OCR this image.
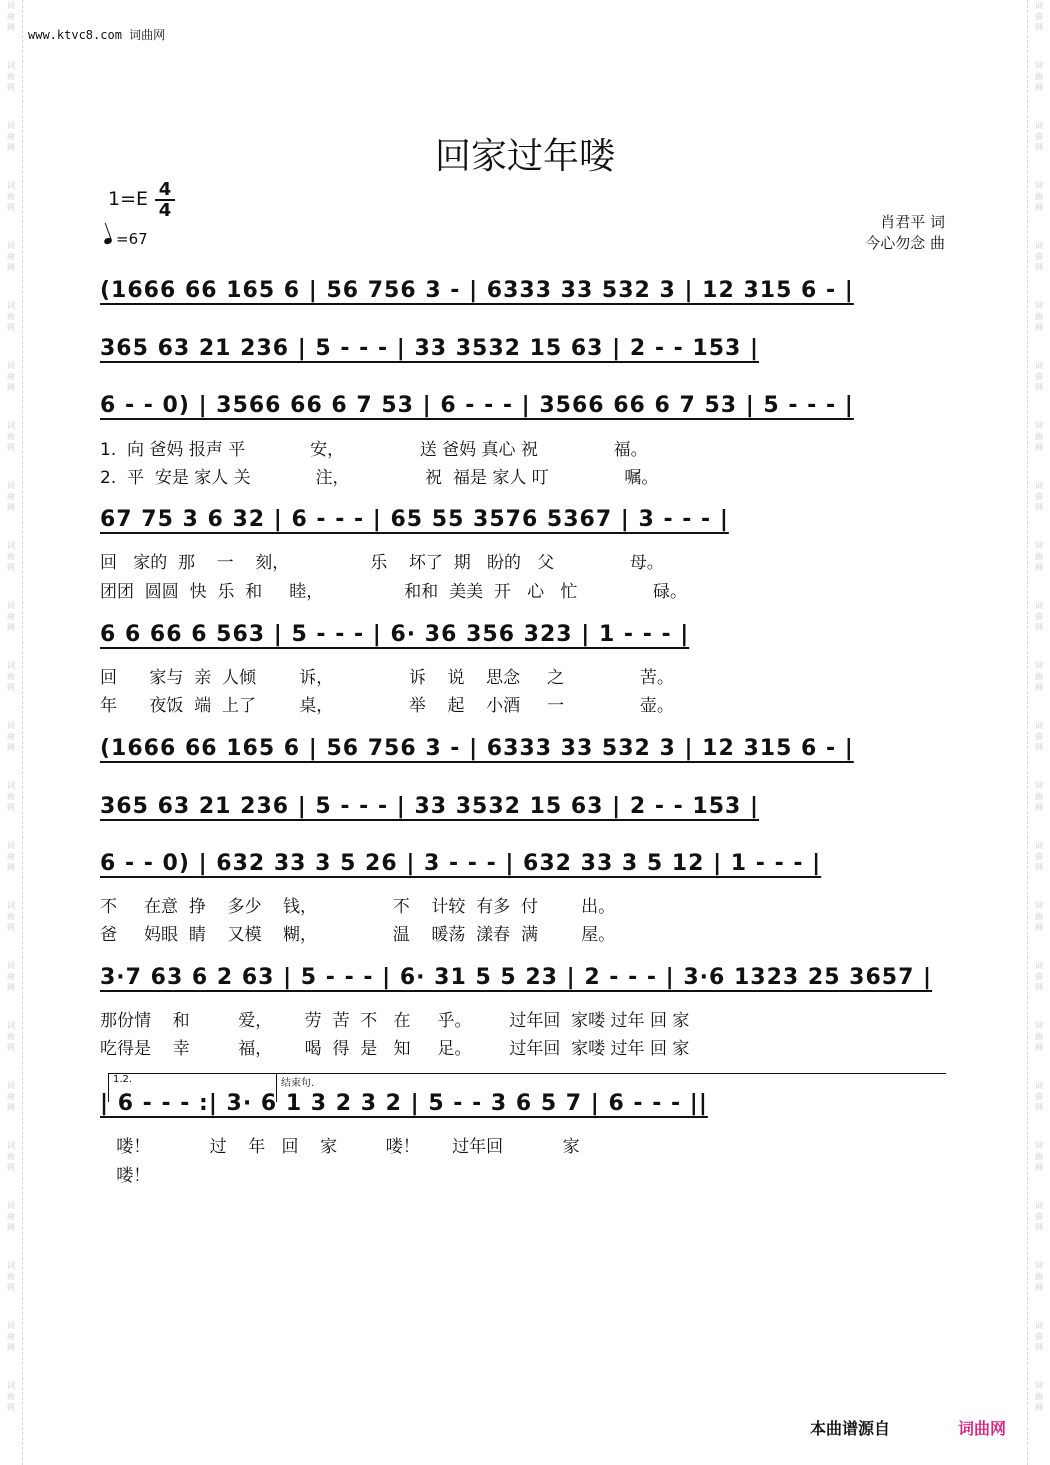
词
曲
网
词
曲
网
词
曲
网
词
曲
网
词
曲
网
词
曲
网
词
曲
网
词
曲
网
词
曲
网
词
曲
网
词
曲
网
词
曲
网
词
曲
网
词
曲
网
词
曲
网
词
曲
网
词
曲
网
词
曲
网
词
曲
网
词
曲
网
词
曲
网
词
曲
网
词
曲
网
词
曲
网
词
曲
网
词
曲
网
词
曲
网
词
曲
网
词
曲
网
词
曲
网
词
曲
网
词
曲
网
词
曲
网
词
曲
网
词
曲
网
词
曲
网
词
曲
网
词
曲
网
词
曲
网
词
曲
网
词
曲
网
词
曲
网
词
曲
网
词
曲
网
词
曲
网
词
曲
网
词
曲
网
词
曲
网
www.ktvc8.com 词曲网
回家过年喽
1=E 4
4
=67
肖君平 词
今心勿念 曲
(1666 66 165 6 | 56 756 3 - | 6333 33 532 3 | 12 315 6 - |
365 63 21 236 | 5 - - - | 33 3532 15 63 | 2 - - 153 |
6 - - 0) | 3566 66 6 7 53 | 6 - - - | 3566 66 6 7 53 | 5 - - - |
1.  向 爸妈 报声 平            安，              送 爸妈 真心 祝              福。
2.  平  安是 家人 关            注，              祝  福是 家人 叮              嘱。
67 75 3 6 32 | 6 - - - | 65 55 3576 5367 | 3 - - - |
回   家的  那    一    刻，               乐    坏了  期   盼的   父              母。
团团  圆圆  快  乐  和     睦，               和和  美美  开   心   忙              碌。
6 6 66 6 563 | 5 - - - | 6· 36 356 323 | 1 - - - |
回      家与  亲  人倾        诉，              诉    说    思念     之              苦。
年      夜饭  端  上了        桌，              举    起    小酒     一              壶。
(1666 66 165 6 | 56 756 3 - | 6333 33 532 3 | 12 315 6 - |
365 63 21 236 | 5 - - - | 33 3532 15 63 | 2 - - 153 |
6 - - 0) | 632 33 3 5 26 | 3 - - - | 632 33 3 5 12 | 1 - - - |
不     在意  挣    多少    钱，              不    计较  有多  付        出。
爸     妈眼  睛    又模    糊，              温    暖荡  漾春  满        屋。
3·7 63 6 2 63 | 5 - - - | 6· 31 5 5 23 | 2 - - - | 3·6 1323 25 3657 |
那份情    和         爱，      劳  苦  不   在     乎。       过年回  家喽 过年 回 家
吃得是    幸         福，      喝  得  是   知     足。       过年回  家喽 过年 回 家
1.2.	结束句.
| 6 - - - :| 3· 6 1 3 2 3 2 | 5 - - 3 6 5 7 | 6 - - - ||
喽！           过    年   回    家         喽！      过年回           家
喽！
本曲谱源自	词曲网
